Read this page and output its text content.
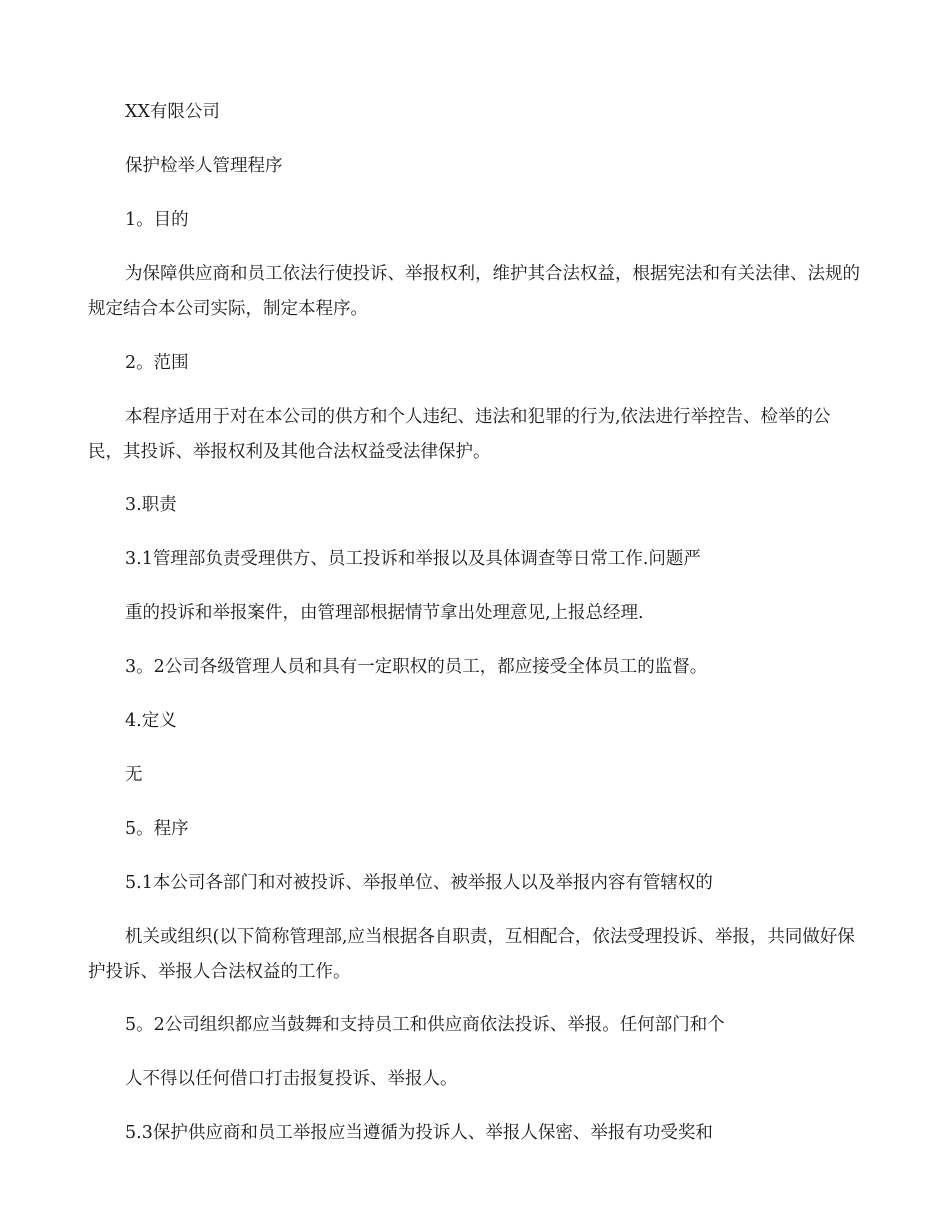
XX有限公司

保护检举人管理程序

1。目的

为保障供应商和员工依法行使投诉、举报权利，维护其合法权益，根据宪法和有关法律、法规的规定结合本公司实际，制定本程序。

2。范围

本程序适用于对在本公司的供方和个人违纪、违法和犯罪的行为,依法进行举控告、检举的公民，其投诉、举报权利及其他合法权益受法律保护。

3.职责

3.1管理部负责受理供方、员工投诉和举报以及具体调查等日常工作.问题严

重的投诉和举报案件，由管理部根据情节拿出处理意见,上报总经理.

3。2公司各级管理人员和具有一定职权的员工，都应接受全体员工的监督。

4.定义

无

5。程序

5.1本公司各部门和对被投诉、举报单位、被举报人以及举报内容有管辖权的

机关或组织(以下简称管理部,应当根据各自职责，互相配合，依法受理投诉、举报，共同做好保护投诉、举报人合法权益的工作。

5。2公司组织都应当鼓舞和支持员工和供应商依法投诉、举报。任何部门和个

人不得以任何借口打击报复投诉、举报人。

5.3保护供应商和员工举报应当遵循为投诉人、举报人保密、举报有功受奖和
